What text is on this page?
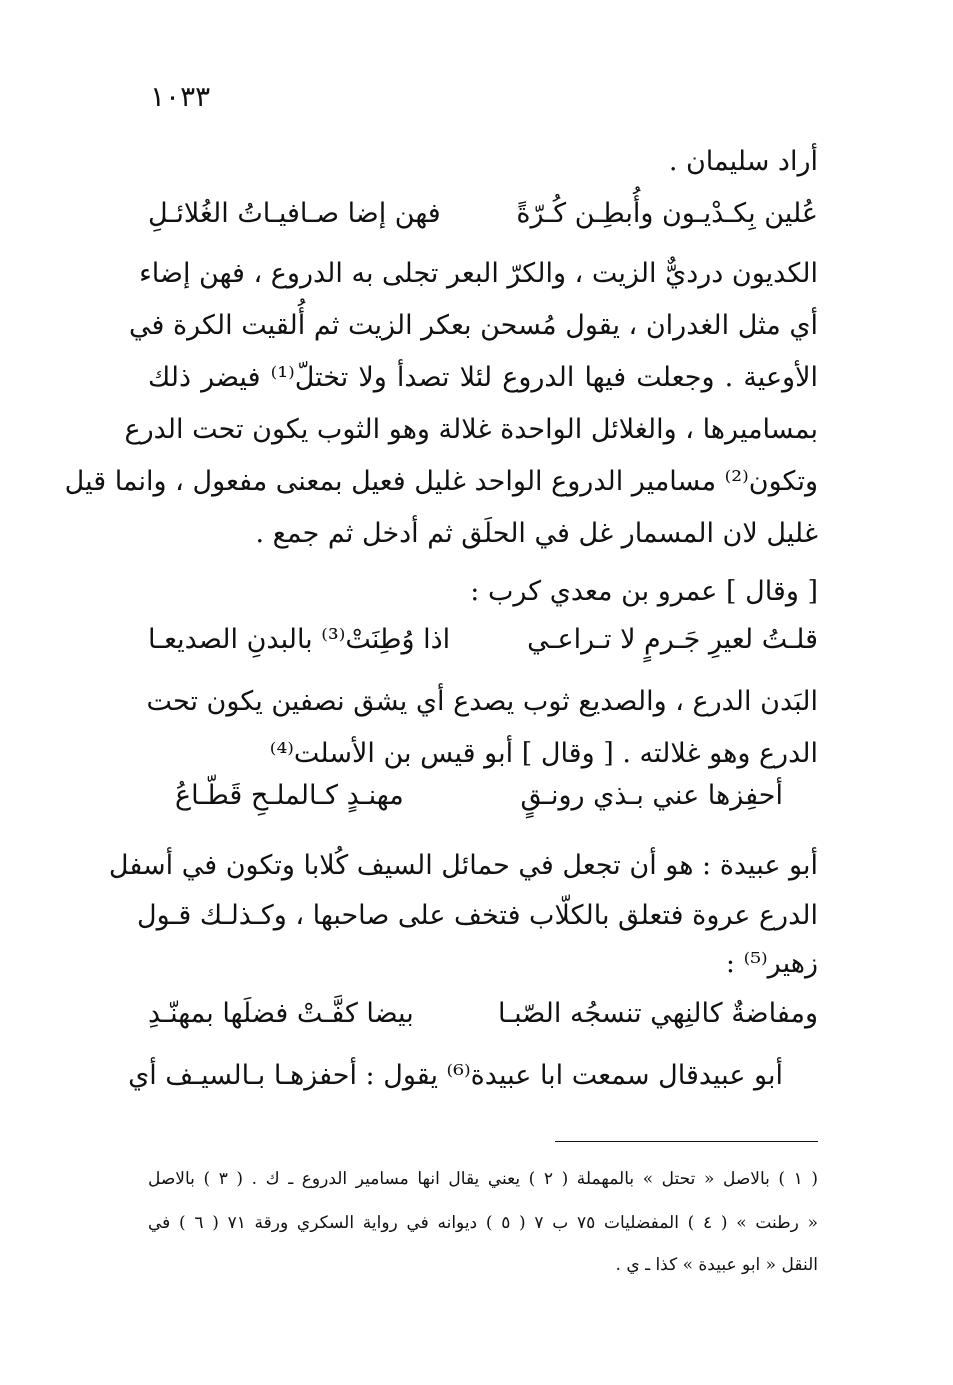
١٠٣٣
أراد سليمان .
عُلين بِكـدْيـون وأُبطِـن كُـرّةً
فهن إضا صـافيـاتُ الغُلائـلِ
الكديون درديٌّ الزيت ، والكرّ البعر تجلى به الدروع ، فهن إضاء
أي مثل الغدران ، يقول مُسحن بعكر الزيت ثم أُلقيت الكرة في
الأوعية . وجعلت فيها الدروع لئلا تصدأ ولا تختلّ⁽¹⁾ فيضر ذلك
بمساميرها ، والغلائل الواحدة غلالة وهو الثوب يكون تحت الدرع
وتكون⁽²⁾ مسامير الدروع الواحد غليل فعيل بمعنى مفعول ، وانما قيل
غليل لان المسمار غل في الحلَق ثم أدخل ثم جمع .
[ وقال ] عمرو بن معدي كرب :
قلـتُ لعيرِ جَـرمٍ لا تـراعـي
اذا وُطِنَتْ⁽³⁾ بالبدنِ الصديعـا
البَدن الدرع ، والصديع ثوب يصدع أي يشق نصفين يكون تحت
الدرع وهو غلالته . [ وقال ] أبو قيس بن الأسلت⁽⁴⁾
أحفِزها عني بـذي رونـقٍ
مهنـدٍ كـالملـحِ قَطّـاعُ
أبو عبيدة : هو أن تجعل في حمائل السيف كُلابا وتكون في أسفل
الدرع عروة فتعلق بالكلّاب فتخف على صاحبها ، وكـذلـك قـول
زهير⁽⁵⁾ :
ومفاضةٌ كالنِهي تنسجُه الصّبـا
بيضا كفَّـتْ فضلَها بمهنّـدِ
أبو عبيدقال سمعت ابا عبيدة⁽⁶⁾ يقول : أحفزهـا بـالسيـف أي
( ١ ) بالاصل « تحتل » بالمهملة ( ٢ ) يعني يقال انها مسامير الدروع ـ ك . ( ٣ ) بالاصل
« رطنت » ( ٤ ) المفضليات ٧٥ ب ٧ ( ٥ ) ديوانه في رواية السكري ورقة ٧١ ( ٦ ) في
النقل « ابو عبيدة » كذا ـ ي .
